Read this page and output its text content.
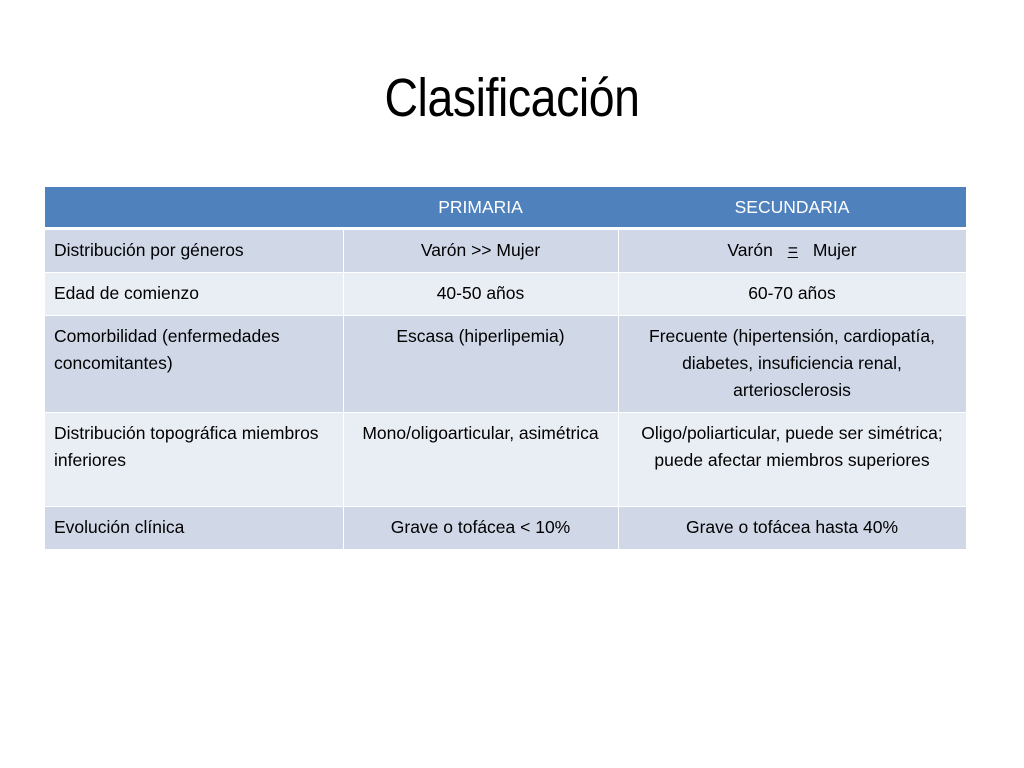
Clasificación
	PRIMARIA	SECUNDARIA
Distribución por géneros	Varón >> Mujer	Varón = Mujer
Edad de comienzo	40-50 años	60-70 años
Comorbilidad (enfermedades concomitantes)	Escasa (hiperlipemia)	Frecuente (hipertensión, cardiopatía, diabetes, insuficiencia renal, arteriosclerosis
Distribución topográfica miembros inferiores	Mono/oligoarticular, asimétrica	Oligo/poliarticular, puede ser simétrica; puede afectar miembros superiores
Evolución clínica	Grave o tofácea < 10%	Grave o tofácea hasta 40%
